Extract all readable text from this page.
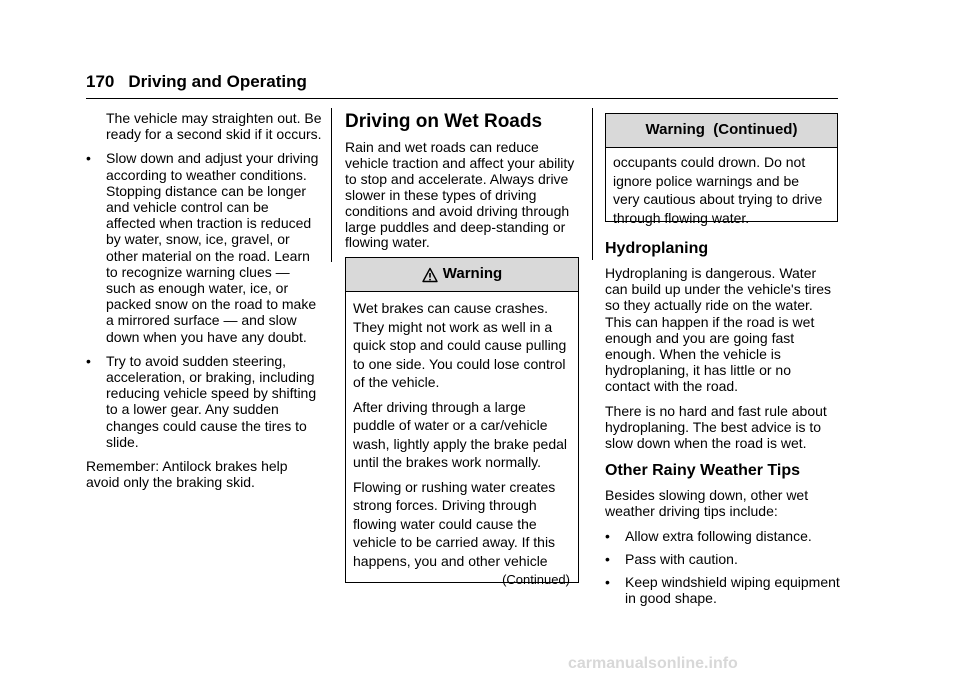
170 Driving and Operating

The vehicle may straighten out. Be ready for a second skid if it occurs.

•	Slow down and adjust your driving according to weather conditions. Stopping distance can be longer and vehicle control can be affected when traction is reduced by water, snow, ice, gravel, or other material on the road. Learn to recognize warning clues — such as enough water, ice, or packed snow on the road to make a mirrored surface — and slow down when you have any doubt.
•	Try to avoid sudden steering, acceleration, or braking, including reducing vehicle speed by shifting to a lower gear. Any sudden changes could cause the tires to slide.

Remember: Antilock brakes help avoid only the braking skid.

Driving on Wet Roads

Rain and wet roads can reduce vehicle traction and affect your ability to stop and accelerate. Always drive slower in these types of driving conditions and avoid driving through large puddles and deep-standing or flowing water.

Warning

Wet brakes can cause crashes. They might not work as well in a quick stop and could cause pulling to one side. You could lose control of the vehicle.

After driving through a large puddle of water or a car/vehicle wash, lightly apply the brake pedal until the brakes work normally.

Flowing or rushing water creates strong forces. Driving through flowing water could cause the vehicle to be carried away. If this happens, you and other vehicle

(Continued)
Warning  (Continued)

occupants could drown. Do not ignore police warnings and be very cautious about trying to drive through flowing water.

Hydroplaning

Hydroplaning is dangerous. Water can build up under the vehicle's tires so they actually ride on the water. This can happen if the road is wet enough and you are going fast enough. When the vehicle is hydroplaning, it has little or no contact with the road.

There is no hard and fast rule about hydroplaning. The best advice is to slow down when the road is wet.

Other Rainy Weather Tips

Besides slowing down, other wet weather driving tips include:

•	Allow extra following distance.
•	Pass with caution.
•	Keep windshield wiping equipment in good shape.
carmanualsonline.info
